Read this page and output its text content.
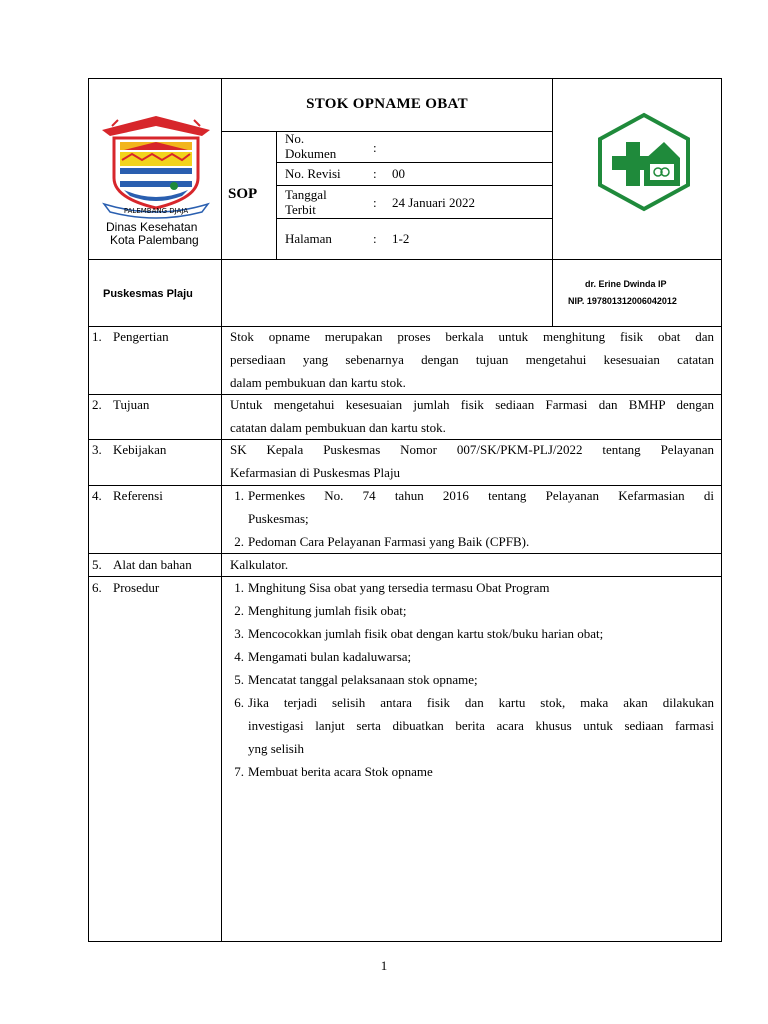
PALEMBANG DJAJA
Dinas Kesehatan
Kota Palembang
STOK OPNAME OBAT
SOP
No. Dokumen	:
No. Revisi : 00
Tanggal Terbit	: 24 Januari 2022
Halaman	: 1-2
Puskesmas Plaju
dr. Erine Dwinda IP
NIP. 197801312006042012
1. Pengertian	Stok opname merupakan proses berkala untuk menghitung fisik obat dan
persediaan yang sebenarnya dengan tujuan mengetahui kesesuaian catatan
dalam pembukuan dan kartu stok.
2. Tujuan	Untuk mengetahui kesesuaian jumlah fisik sediaan Farmasi dan BMHP dengan
catatan dalam pembukuan dan kartu stok.
3. Kebijakan	SK Kepala Puskesmas Nomor 007/SK/PKM-PLJ/2022 tentang Pelayanan
Kefarmasian di Puskesmas Plaju
4. Referensi	1. Permenkes No. 74 tahun 2016 tentang Pelayanan Kefarmasian di
Puskesmas;
2. Pedoman Cara Pelayanan Farmasi yang Baik (CPFB).
5. Alat dan bahan	Kalkulator.
6. Prosedur	1. Mnghitung Sisa obat yang tersedia termasu Obat Program
2. Menghitung jumlah fisik obat;
3. Mencocokkan jumlah fisik obat dengan kartu stok/buku harian obat;
4. Mengamati bulan kadaluwarsa;
5. Mencatat tanggal pelaksanaan stok opname;
6. Jika terjadi selisih antara fisik dan kartu stok, maka akan dilakukan
investigasi lanjut serta dibuatkan berita acara khusus untuk sediaan farmasi
yng selisih
7. Membuat berita acara Stok opname
1
